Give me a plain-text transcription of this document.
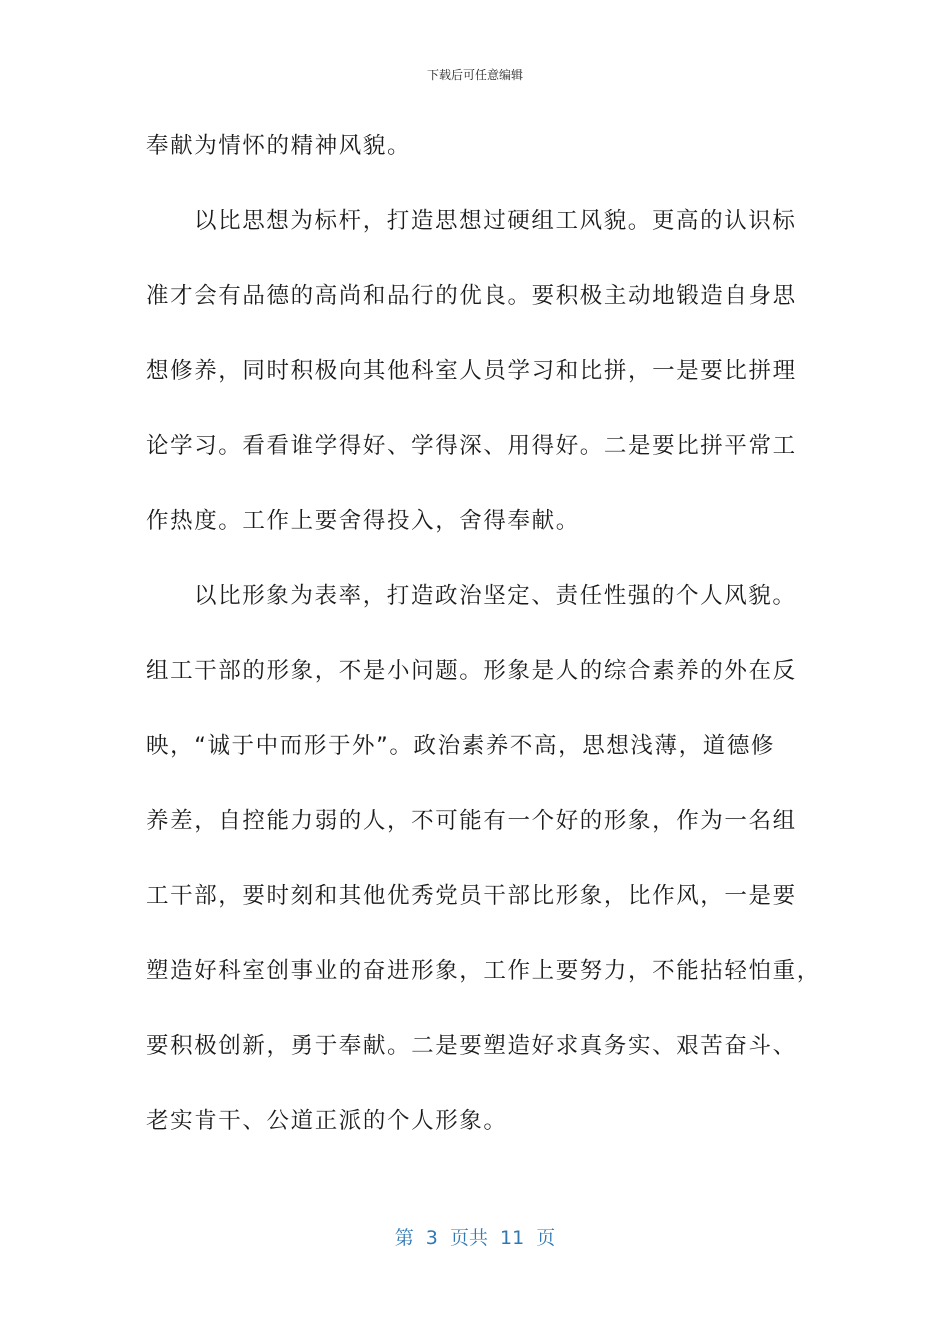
下载后可任意编辑
奉献为情怀的精神风貌。
以比思想为标杆，打造思想过硬组工风貌。更高的认识标
准才会有品德的高尚和品行的优良。要积极主动地锻造自身思
想修养，同时积极向其他科室人员学习和比拼，一是要比拼理
论学习。看看谁学得好、学得深、用得好。二是要比拼平常工
作热度。工作上要舍得投入，舍得奉献。
以比形象为表率，打造政治坚定、责任性强的个人风貌。
组工干部的形象，不是小问题。形象是人的综合素养的外在反
映，“诚于中而形于外”。政治素养不高，思想浅薄，道德修
养差，自控能力弱的人，不可能有一个好的形象，作为一名组
工干部，要时刻和其他优秀党员干部比形象，比作风，一是要
塑造好科室创事业的奋进形象，工作上要努力，不能拈轻怕重，
要积极创新，勇于奉献。二是要塑造好求真务实、艰苦奋斗、
老实肯干、公道正派的个人形象。
第  3  页共  11  页
